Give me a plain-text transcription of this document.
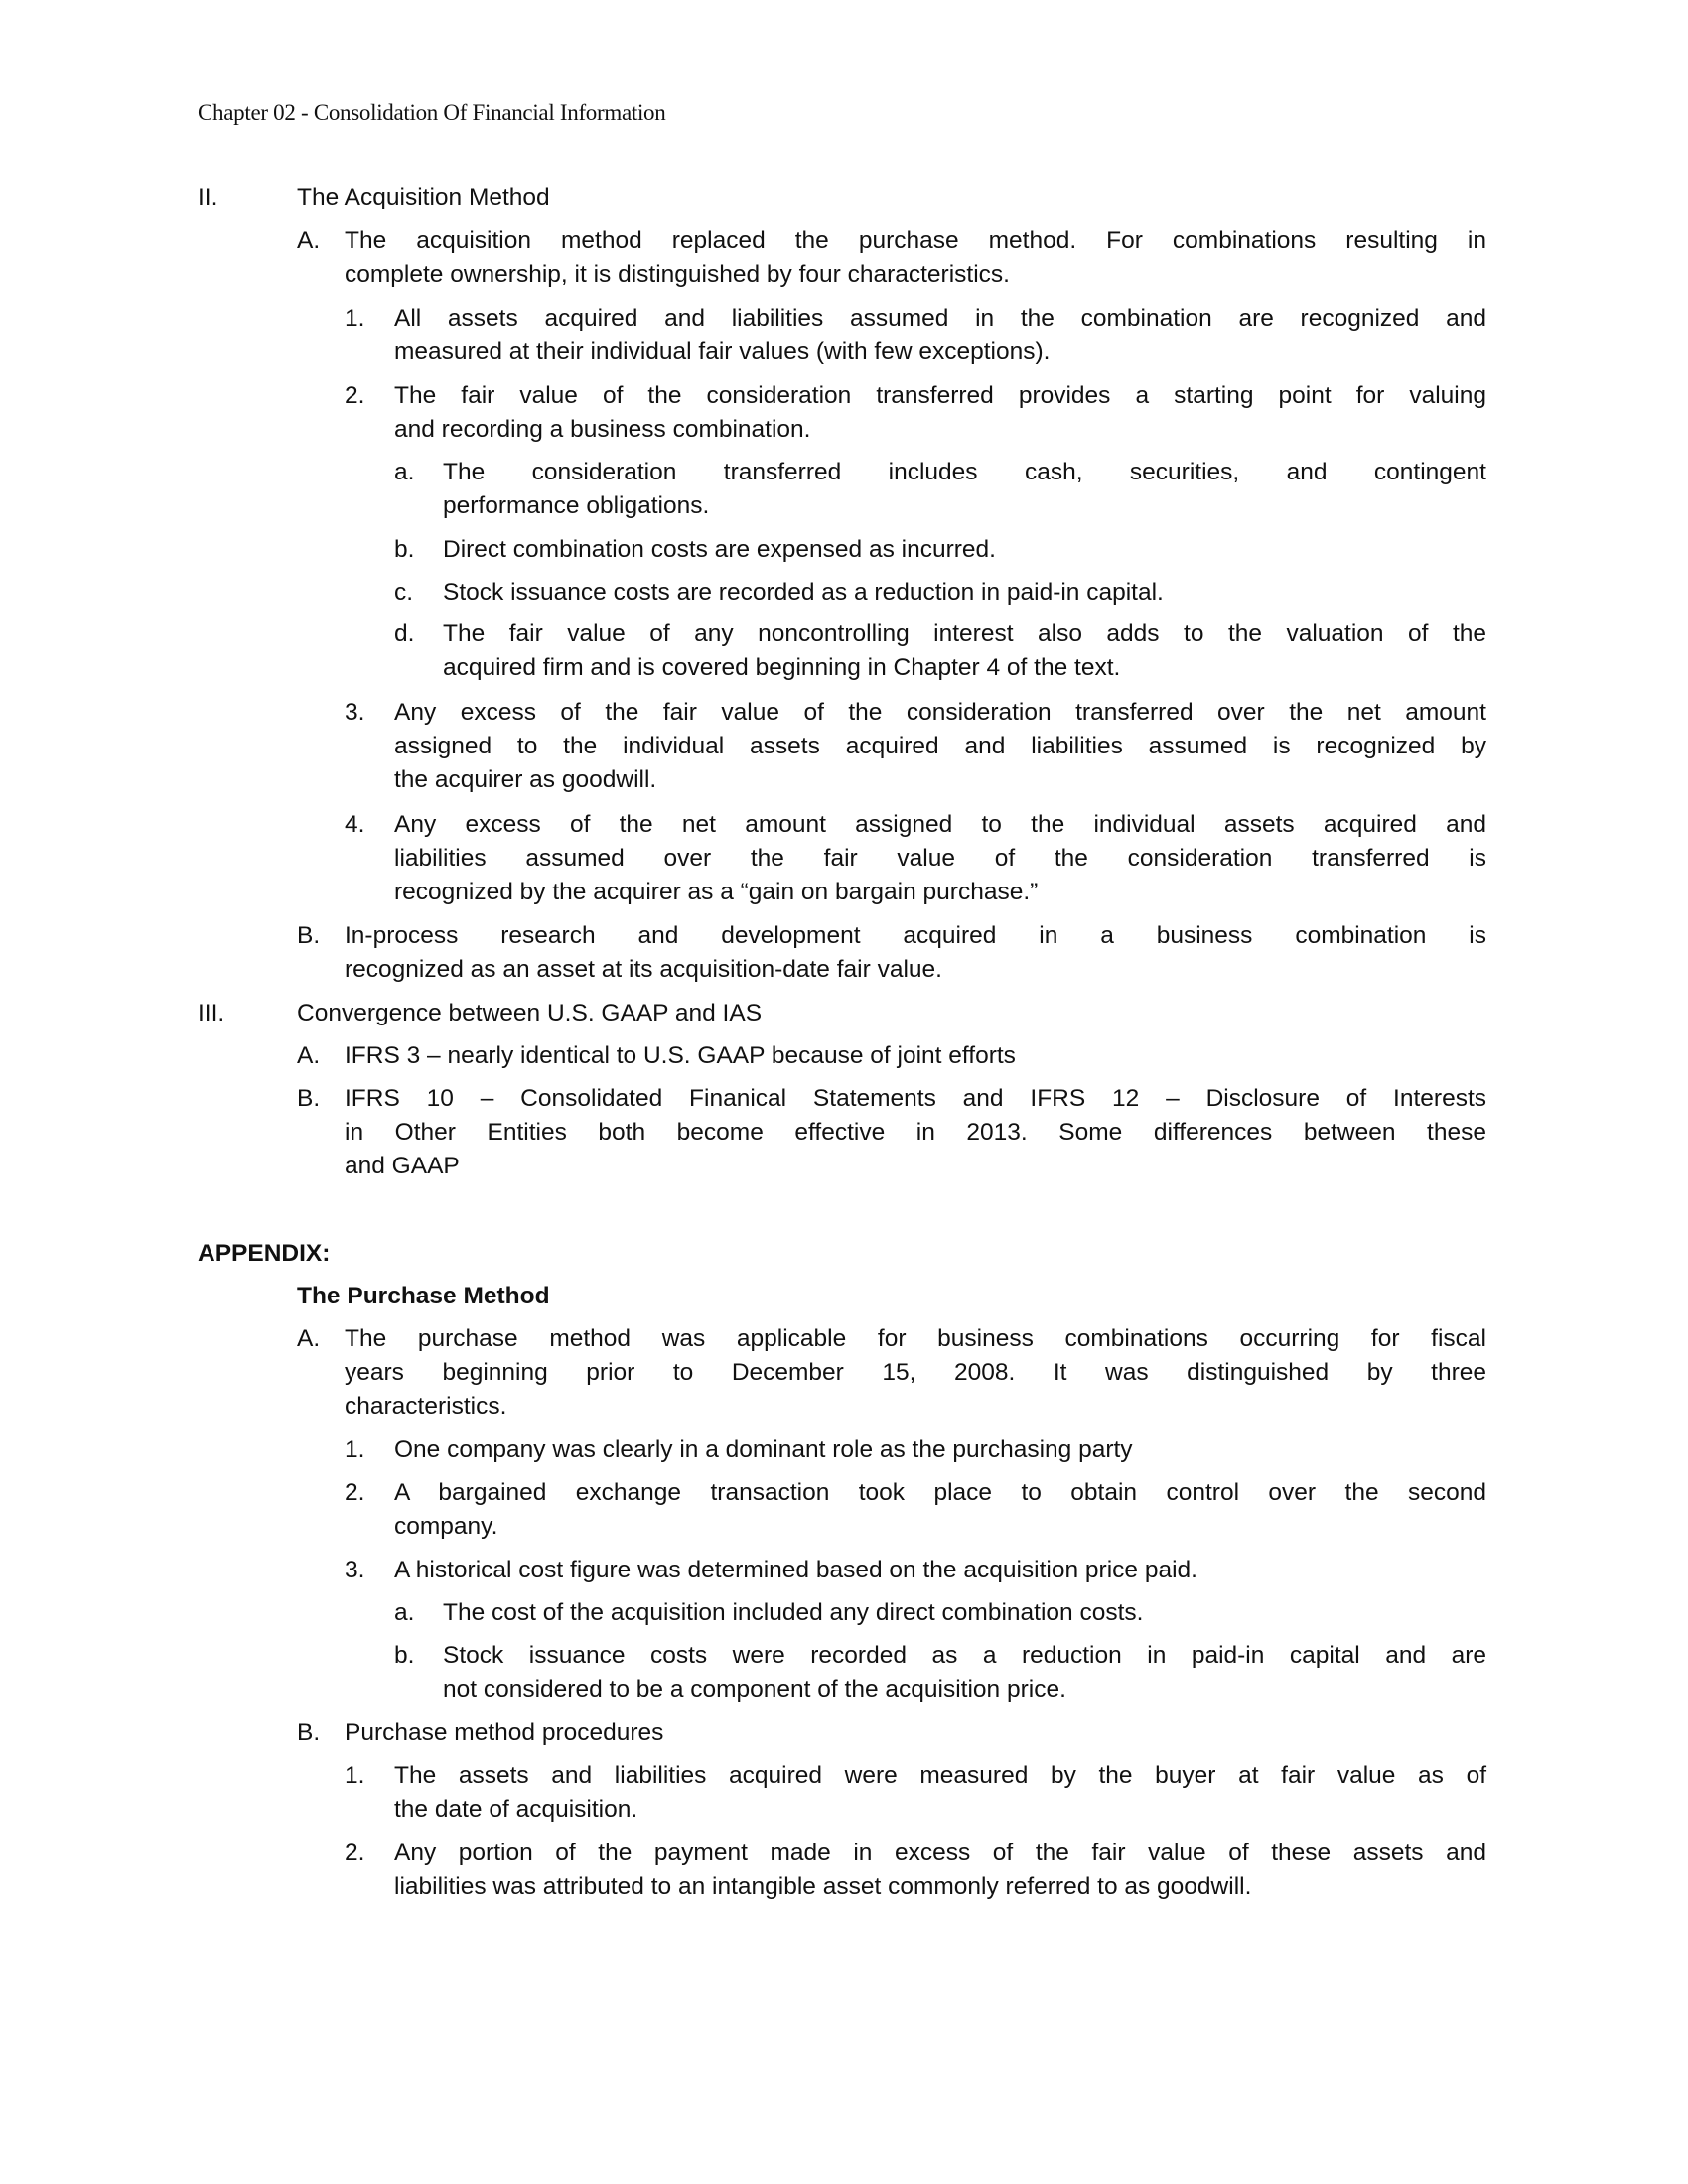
Chapter 02 - Consolidation Of Financial Information
II.	The Acquisition Method
A. The acquisition method replaced the purchase method. For combinations resulting in
complete ownership, it is distinguished by four characteristics.
1. All assets acquired and liabilities assumed in the combination are recognized and
measured at their individual fair values (with few exceptions).
2. The fair value of the consideration transferred provides a starting point for valuing
and recording a business combination.
a. The consideration transferred includes cash, securities, and contingent
performance obligations.
b. Direct combination costs are expensed as incurred.
c. Stock issuance costs are recorded as a reduction in paid-in capital.
d. The fair value of any noncontrolling interest also adds to the valuation of the
acquired firm and is covered beginning in Chapter 4 of the text.
3. Any excess of the fair value of the consideration transferred over the net amount
assigned to the individual assets acquired and liabilities assumed is recognized by
the acquirer as goodwill.
4. Any excess of the net amount assigned to the individual assets acquired and
liabilities assumed over the fair value of the consideration transferred is
recognized by the acquirer as a “gain on bargain purchase.”
B. In-process research and development acquired in a business combination is
recognized as an asset at its acquisition-date fair value.
III.	Convergence between U.S. GAAP and IAS
A. IFRS 3 – nearly identical to U.S. GAAP because of joint efforts
B. IFRS 10 – Consolidated Finanical Statements and IFRS 12 – Disclosure of Interests
in Other Entities both become effective in 2013. Some differences between these
and GAAP
APPENDIX:
The Purchase Method
A. The purchase method was applicable for business combinations occurring for fiscal
years beginning prior to December 15, 2008. It was distinguished by three
characteristics.
1. One company was clearly in a dominant role as the purchasing party
2. A bargained exchange transaction took place to obtain control over the second
company.
3. A historical cost figure was determined based on the acquisition price paid.
a. The cost of the acquisition included any direct combination costs.
b. Stock issuance costs were recorded as a reduction in paid-in capital and are
not considered to be a component of the acquisition price.
B. Purchase method procedures
1. The assets and liabilities acquired were measured by the buyer at fair value as of
the date of acquisition.
2. Any portion of the payment made in excess of the fair value of these assets and
liabilities was attributed to an intangible asset commonly referred to as goodwill.
